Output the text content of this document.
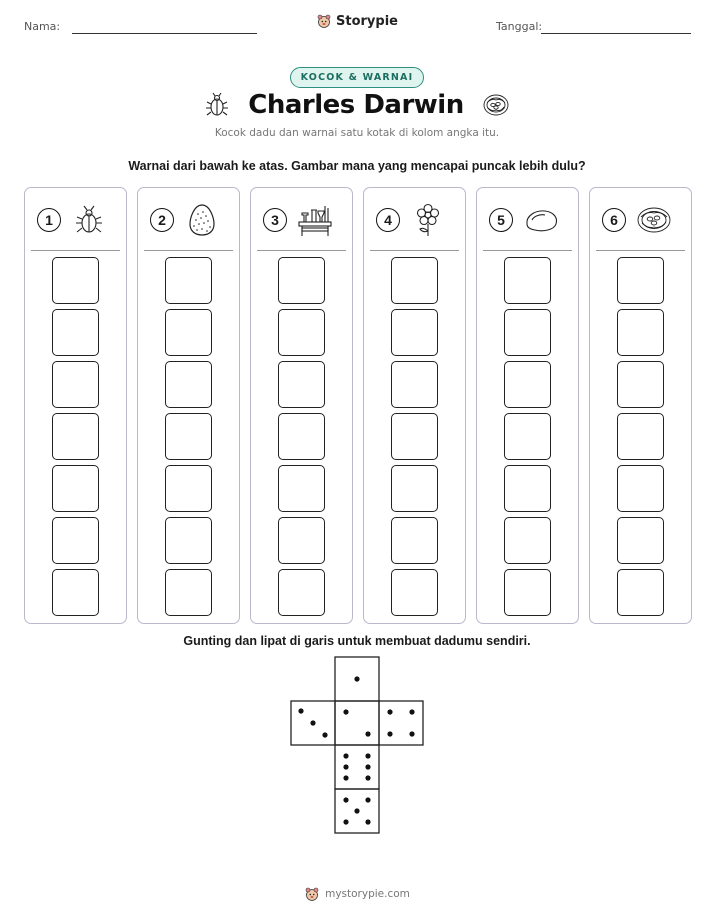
Nama:	Storypie	Tanggal:
KOCOK & WARNAI
Charles Darwin
Kocok dadu dan warnai satu kotak di kolom angka itu.
Warnai dari bawah ke atas. Gambar mana yang mencapai puncak lebih dulu?
1	2	3	4	5	6
Gunting dan lipat di garis untuk membuat dadumu sendiri.
mystorypie.com
